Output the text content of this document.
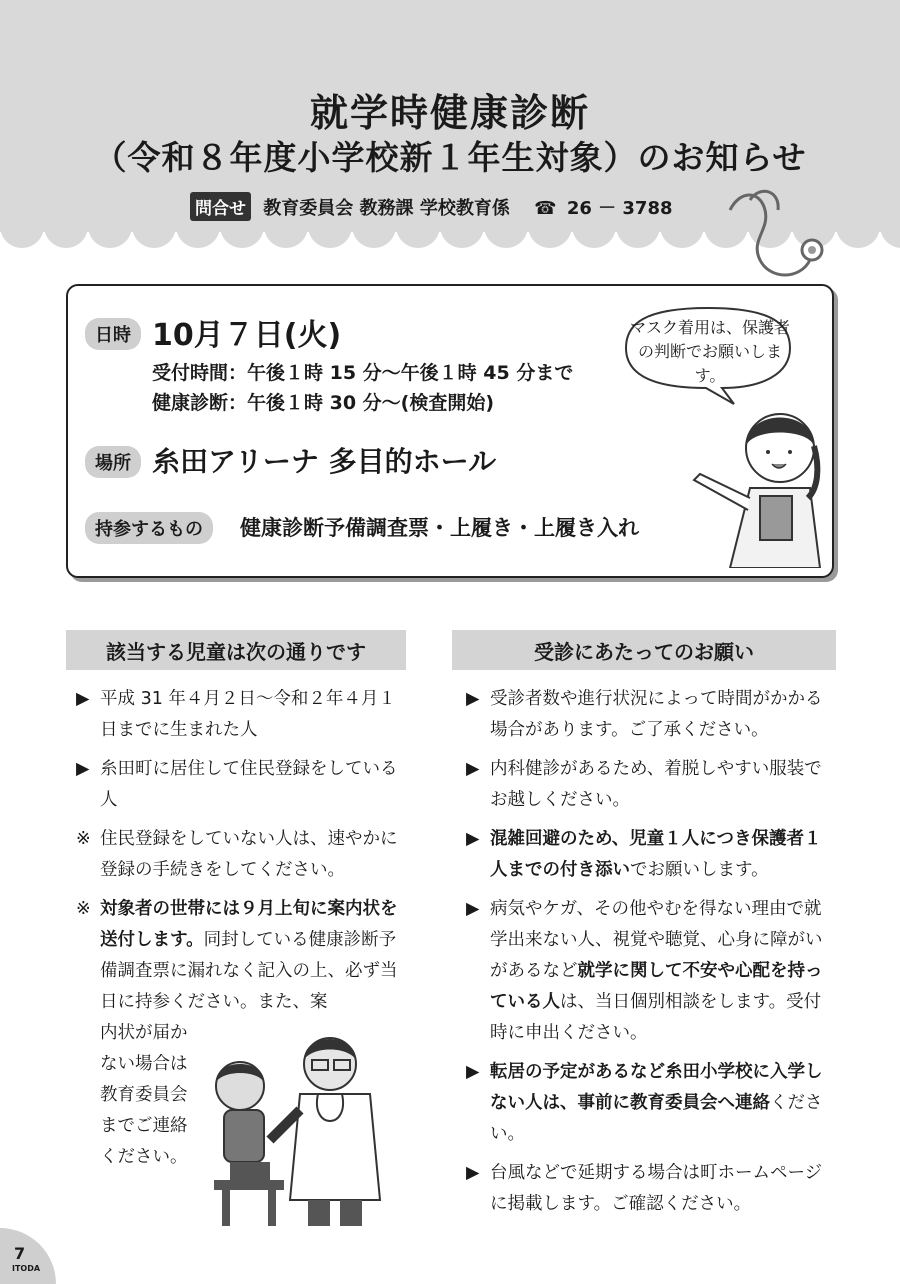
就学時健康診断
（令和８年度小学校新１年生対象）のお知らせ
問合せ 教育委員会 教務課 学校教育係 ☎ 26 － 3788
日時 10月７日(火)
受付時間：午後１時 15 分～午後１時 45 分まで
健康診断：午後１時 30 分～(検査開始)
場所 糸田アリーナ 多目的ホール
持参するもの	健康診断予備調査票・上履き・上履き入れ
マスク着用は、保護者の判断でお願いします。
該当する児童は次の通りです	受診にあたってのお願い
▶ 平成 31 年４月２日～令和２年４月１日までに生まれた人
▶ 糸田町に居住して住民登録をしている人
※ 住民登録をしていない人は、速やかに登録の手続きをしてください。
※ 対象者の世帯には９月上旬に案内状を送付します。同封している健康診断予備調査票に漏れなく記入の上、必ず当日に持参ください。また、案
内状が届かない場合は教育委員会までご連絡ください。
▶ 受診者数や進行状況によって時間がかかる場合があります。ご了承ください。
▶ 内科健診があるため、着脱しやすい服装でお越しください。
▶ 混雑回避のため、児童１人につき保護者１人までの付き添いでお願いします。
▶ 病気やケガ、その他やむを得ない理由で就学出来ない人、視覚や聴覚、心身に障がいがあるなど就学に関して不安や心配を持っている人は、当日個別相談をします。受付時に申出ください。
▶ 転居の予定があるなど糸田小学校に入学しない人は、事前に教育委員会へ連絡ください。
▶ 台風などで延期する場合は町ホームページに掲載します。ご確認ください。
7
ITODA
